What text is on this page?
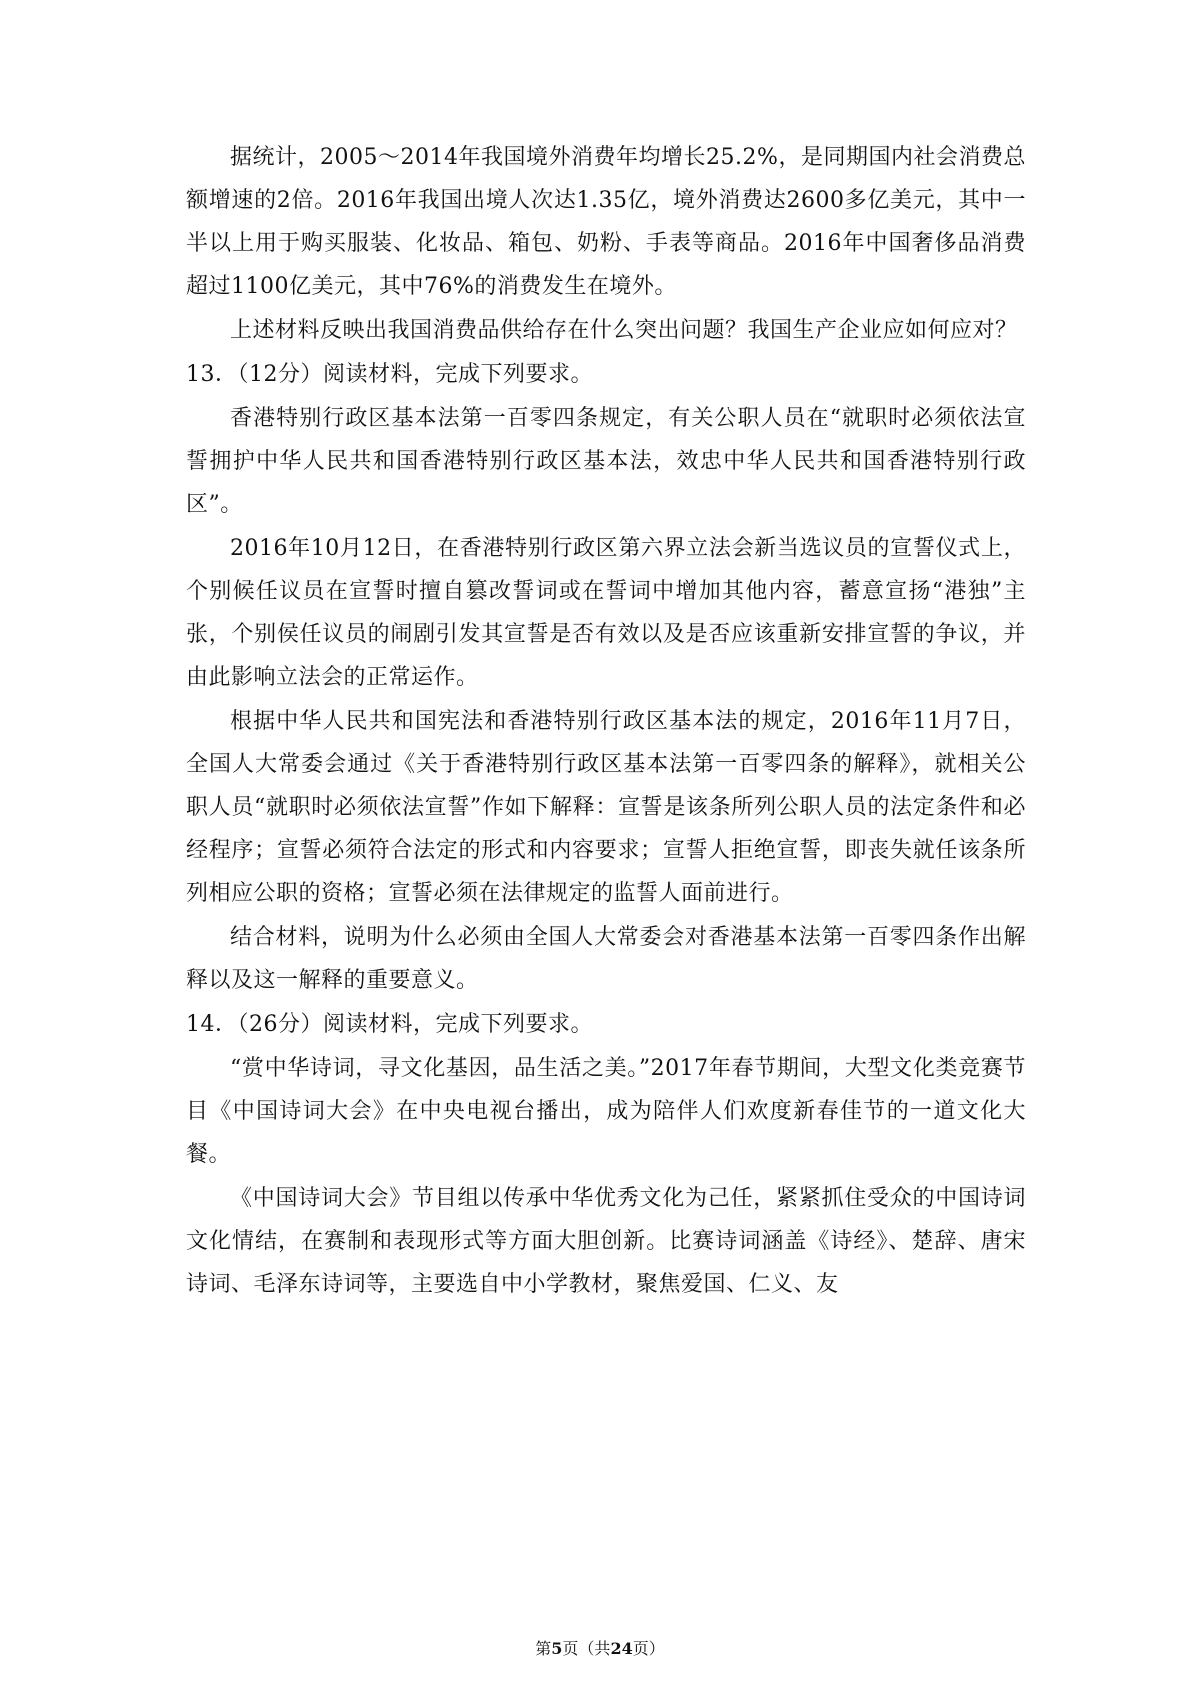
据统计，2005～2014年我国境外消费年均增长25.2%，是同期国内社会消费总额增速的2倍。2016年我国出境人次达1.35亿，境外消费达2600多亿美元，其中一半以上用于购买服装、化妆品、箱包、奶粉、手表等商品。2016年中国奢侈品消费超过1100亿美元，其中76%的消费发生在境外。

上述材料反映出我国消费品供给存在什么突出问题？我国生产企业应如何应对？

13．（12分）阅读材料，完成下列要求。

香港特别行政区基本法第一百零四条规定，有关公职人员在“就职时必须依法宣誓拥护中华人民共和国香港特别行政区基本法，效忠中华人民共和国香港特别行政区”。

2016年10月12日，在香港特别行政区第六界立法会新当选议员的宣誓仪式上，个别候任议员在宣誓时擅自篡改誓词或在誓词中增加其他内容，蓄意宣扬“港独”主张，个别侯任议员的闹剧引发其宣誓是否有效以及是否应该重新安排宣誓的争议，并由此影响立法会的正常运作。

根据中华人民共和国宪法和香港特别行政区基本法的规定，2016年11月7日，全国人大常委会通过《关于香港特别行政区基本法第一百零四条的解释》，就相关公职人员“就职时必须依法宣誓”作如下解释：宣誓是该条所列公职人员的法定条件和必经程序；宣誓必须符合法定的形式和内容要求；宣誓人拒绝宣誓，即丧失就任该条所列相应公职的资格；宣誓必须在法律规定的监誓人面前进行。

结合材料，说明为什么必须由全国人大常委会对香港基本法第一百零四条作出解释以及这一解释的重要意义。

14．（26分）阅读材料，完成下列要求。

“赏中华诗词，寻文化基因，品生活之美。”2017年春节期间，大型文化类竞赛节目《中国诗词大会》在中央电视台播出，成为陪伴人们欢度新春佳节的一道文化大餐。

《中国诗词大会》节目组以传承中华优秀文化为己任，紧紧抓住受众的中国诗词文化情结，在赛制和表现形式等方面大胆创新。比赛诗词涵盖《诗经》、楚辞、唐宋诗词、毛泽东诗词等，主要选自中小学教材，聚焦爱国、仁义、友

第5页（共24页）
